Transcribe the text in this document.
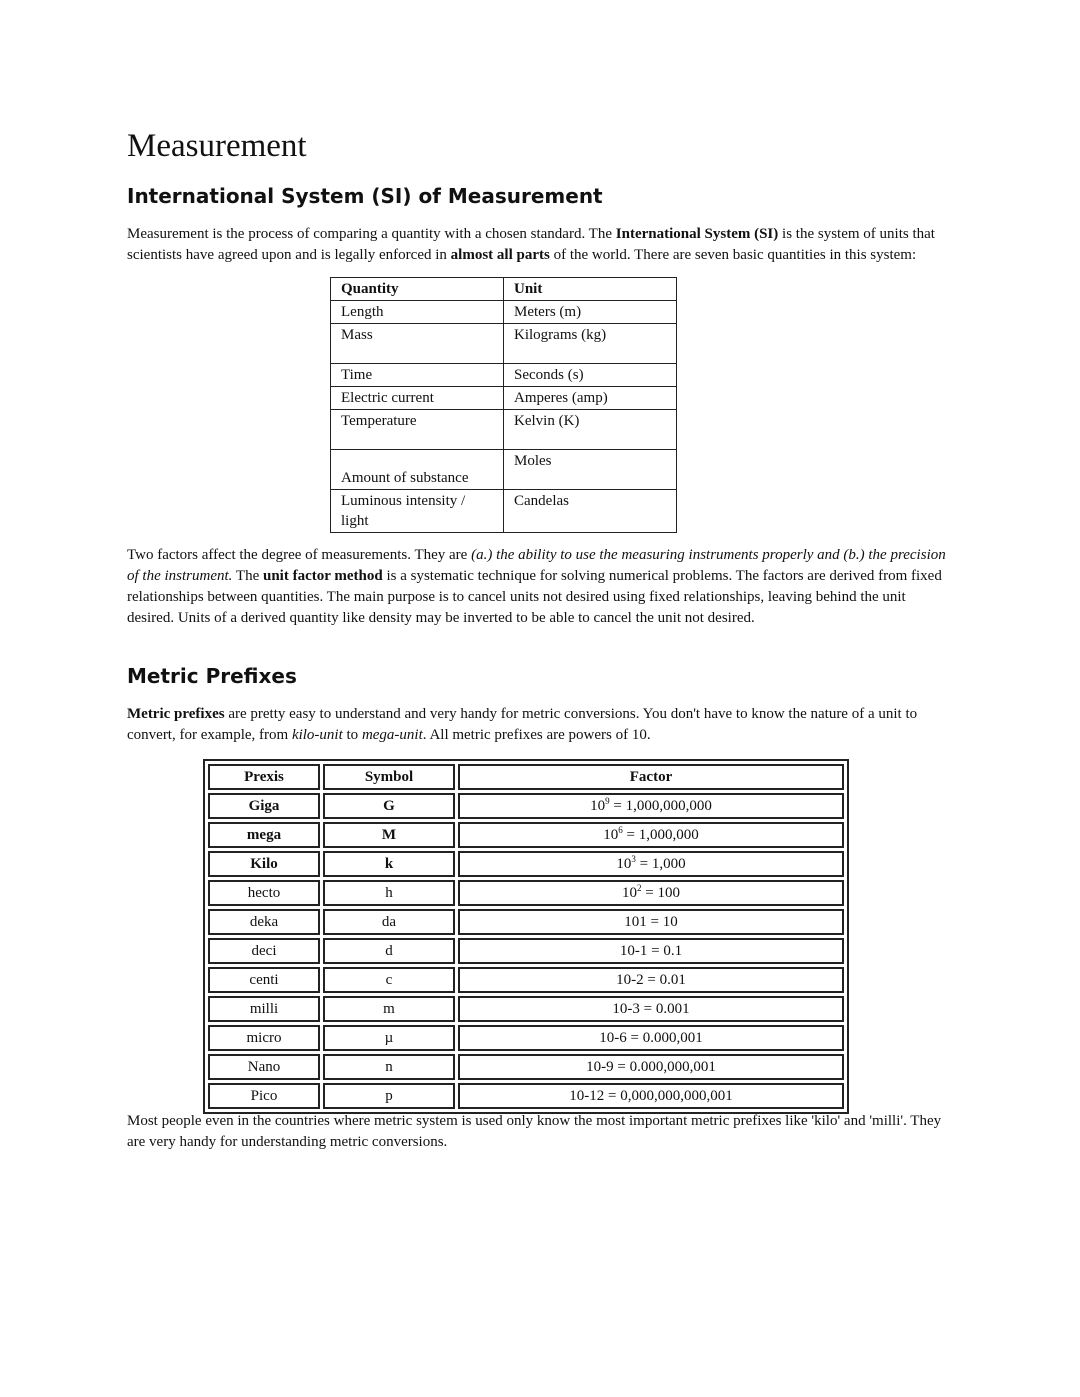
Measurement
International System (SI) of Measurement

Measurement is the process of comparing a quantity with a chosen standard. The International System (SI) is the system of units that scientists have agreed upon and is legally enforced in almost all parts of the world. There are seven basic quantities in this system:

Quantity	Unit
Length	Meters (m)
Mass	Kilograms (kg)
Time	Seconds (s)
Electric current	Amperes (amp)
Temperature	Kelvin (K)
Amount of substance	Moles
Luminous intensity / light	Candelas

Two factors affect the degree of measurements. They are (a.) the ability to use the measuring instruments properly and (b.) the precision of the instrument. The unit factor method is a systematic technique for solving numerical problems. The factors are derived from fixed relationships between quantities. The main purpose is to cancel units not desired using fixed relationships, leaving behind the unit desired. Units of a derived quantity like density may be inverted to be able to cancel the unit not desired.

Metric Prefixes

Metric prefixes are pretty easy to understand and very handy for metric conversions. You don't have to know the nature of a unit to convert, for example, from kilo-unit to mega-unit. All metric prefixes are powers of 10.

Prexis	Symbol	Factor
Giga	G	$10^9 = 1,000,000,000$
mega	M	$10^6 = 1,000,000$
Kilo	k	$10^3 = 1,000$
hecto	h	$10^2 = 100$
deka	da	101 = 10
deci	d	10-1 = 0.1
centi	c	10-2 = 0.01
milli	m	10-3 = 0.001
micro	µ	10-6 = 0.000,001
Nano	n	10-9 = 0.000,000,001
Pico	p	10-12 = 0,000,000,000,001

Most people even in the countries where metric system is used only know the most important metric prefixes like 'kilo' and 'milli'. They are very handy for understanding metric conversions.
